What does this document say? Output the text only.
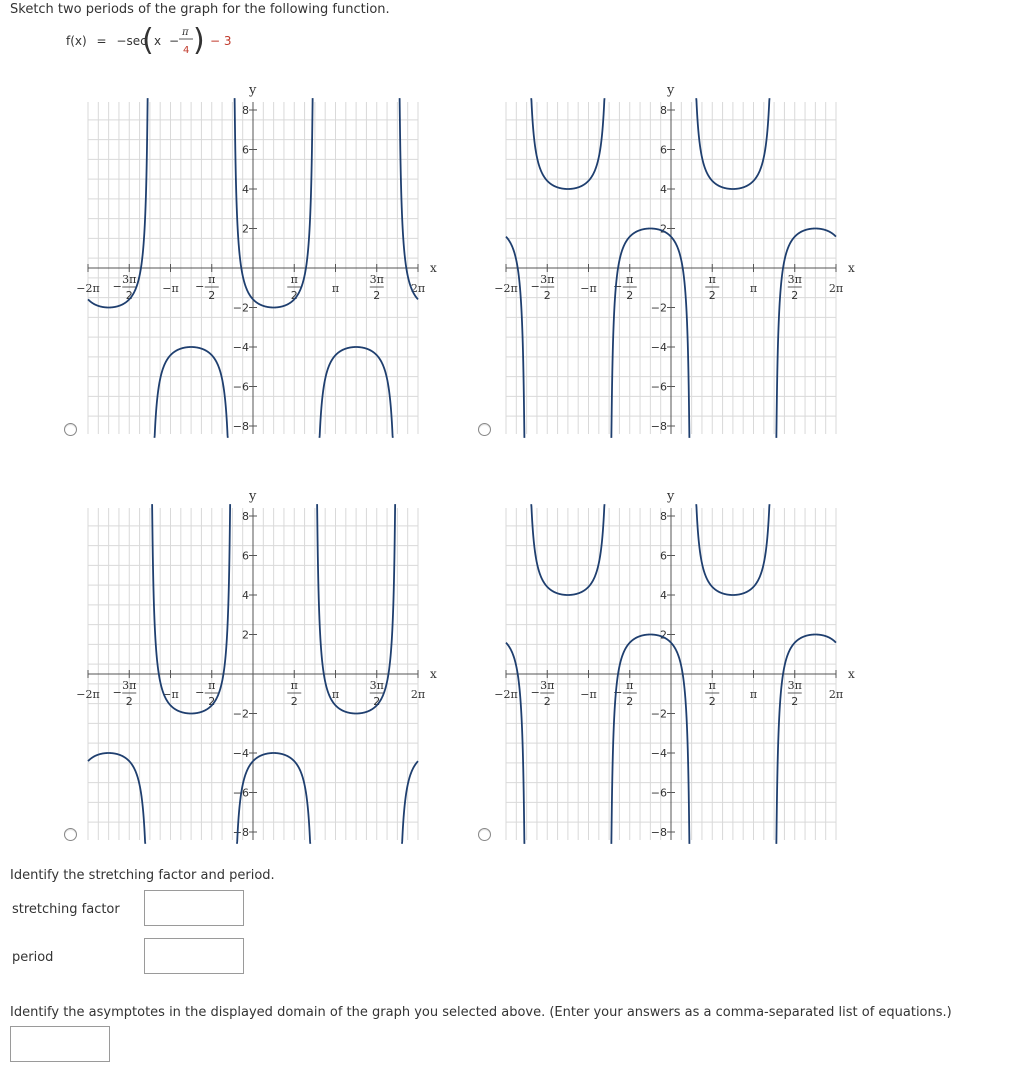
Sketch two periods of the graph for the following function.
f(x) = −sec
( x −
π
4 ) − 3
x
y
8
6
4
2
−2
−4
−6
−8
−2π −
3π
2
−π −
π
2
π
2
π
3π
2
2π
x
y
8
6
4
2
−2
−4
−6
−8
−2π −
3π
2
−π −
π
2
π
2
π
3π
2
2π
x
y
8
6
4
2
−2
−4
−6
−8
−2π −
3π
2
−π −
π
2
π
2
π
3π
2
2π
x
y
8
6
4
2
−2
−4
−6
−8
−2π −
3π
2
−π −
π
2
π
2
π
3π
2
2π
Identify the stretching factor and period.
stretching factor
period
Identify the asymptotes in the displayed domain of the graph you selected above. (Enter your answers as a comma-separated list of equations.)
